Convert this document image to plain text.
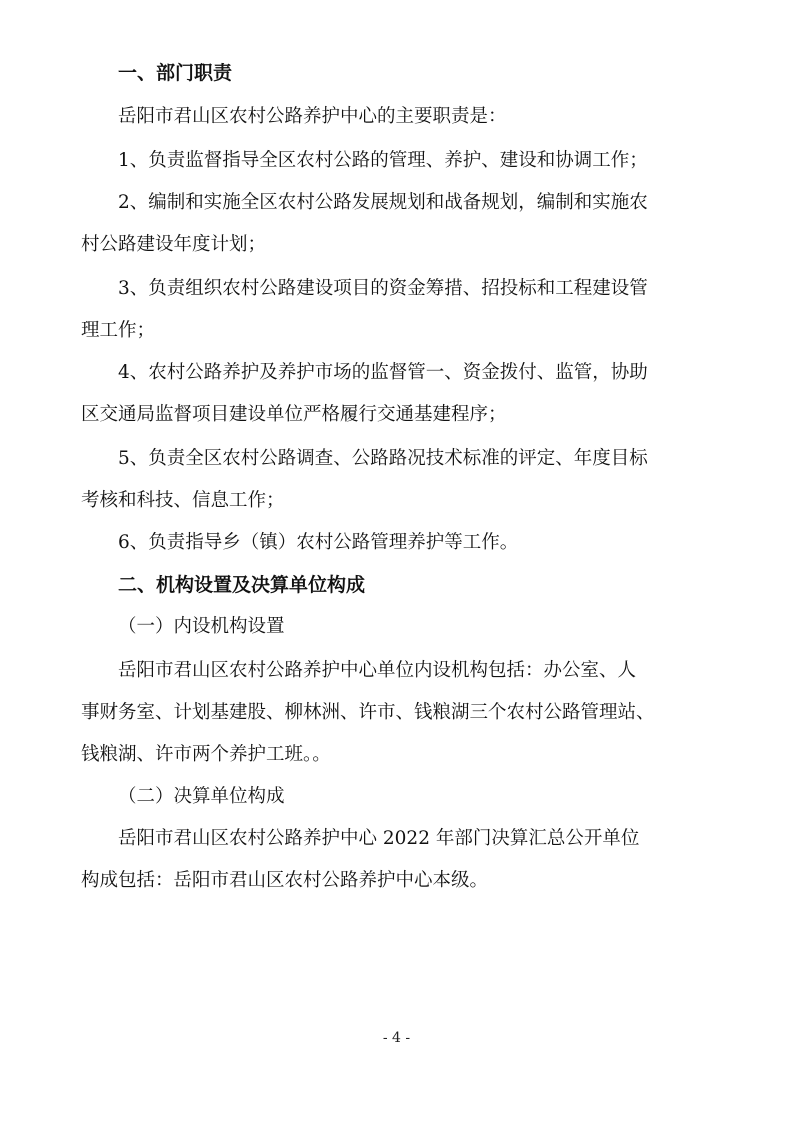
一、部门职责

岳阳市君山区农村公路养护中心的主要职责是：

1、负责监督指导全区农村公路的管理、养护、建设和协调工作；

2、编制和实施全区农村公路发展规划和战备规划，编制和实施农

村公路建设年度计划；

3、负责组织农村公路建设项目的资金筹措、招投标和工程建设管

理工作；

4、农村公路养护及养护市场的监督管一、资金拨付、监管，协助

区交通局监督项目建设单位严格履行交通基建程序；

5、负责全区农村公路调查、公路路况技术标准的评定、年度目标

考核和科技、信息工作；

6、负责指导乡（镇）农村公路管理养护等工作。

二、机构设置及决算单位构成

（一）内设机构设置

岳阳市君山区农村公路养护中心单位内设机构包括：办公室、人

事财务室、计划基建股、柳林洲、许市、钱粮湖三个农村公路管理站、

钱粮湖、许市两个养护工班。。

（二）决算单位构成

岳阳市君山区农村公路养护中心 2022 年部门决算汇总公开单位

构成包括：岳阳市君山区农村公路养护中心本级。

- 4 -
